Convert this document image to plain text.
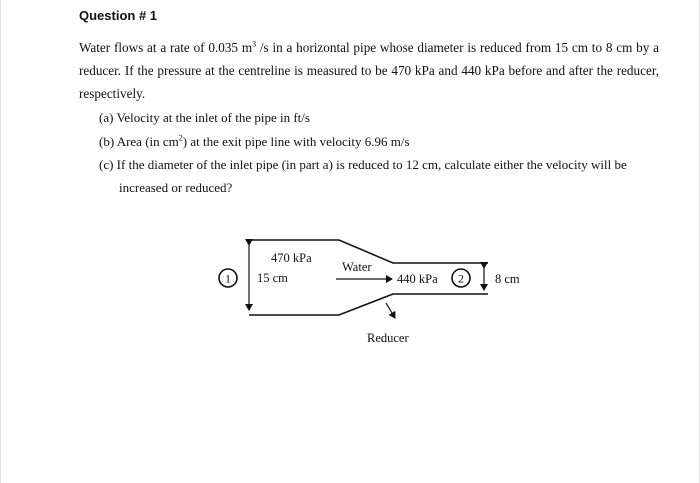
Question # 1
Water flows at a rate of 0.035 $m^3$ /s in a horizontal pipe whose diameter is reduced from 15 cm to 8 cm by a reducer. If the pressure at the centreline is measured to be 470 kPa and 440 kPa before and after the reducer, respectively.
(a) Velocity at the inlet of the pipe in ft/s
(b) Area (in $cm^2$) at the exit pipe line with velocity 6.96 m/s
(c) If the diameter of the inlet pipe (in part a) is reduced to 12 cm, calculate either the velocity will be
increased or reduced?
1	2
470 kPa
15 cm
Water
440 kPa	8 cm
Reducer
